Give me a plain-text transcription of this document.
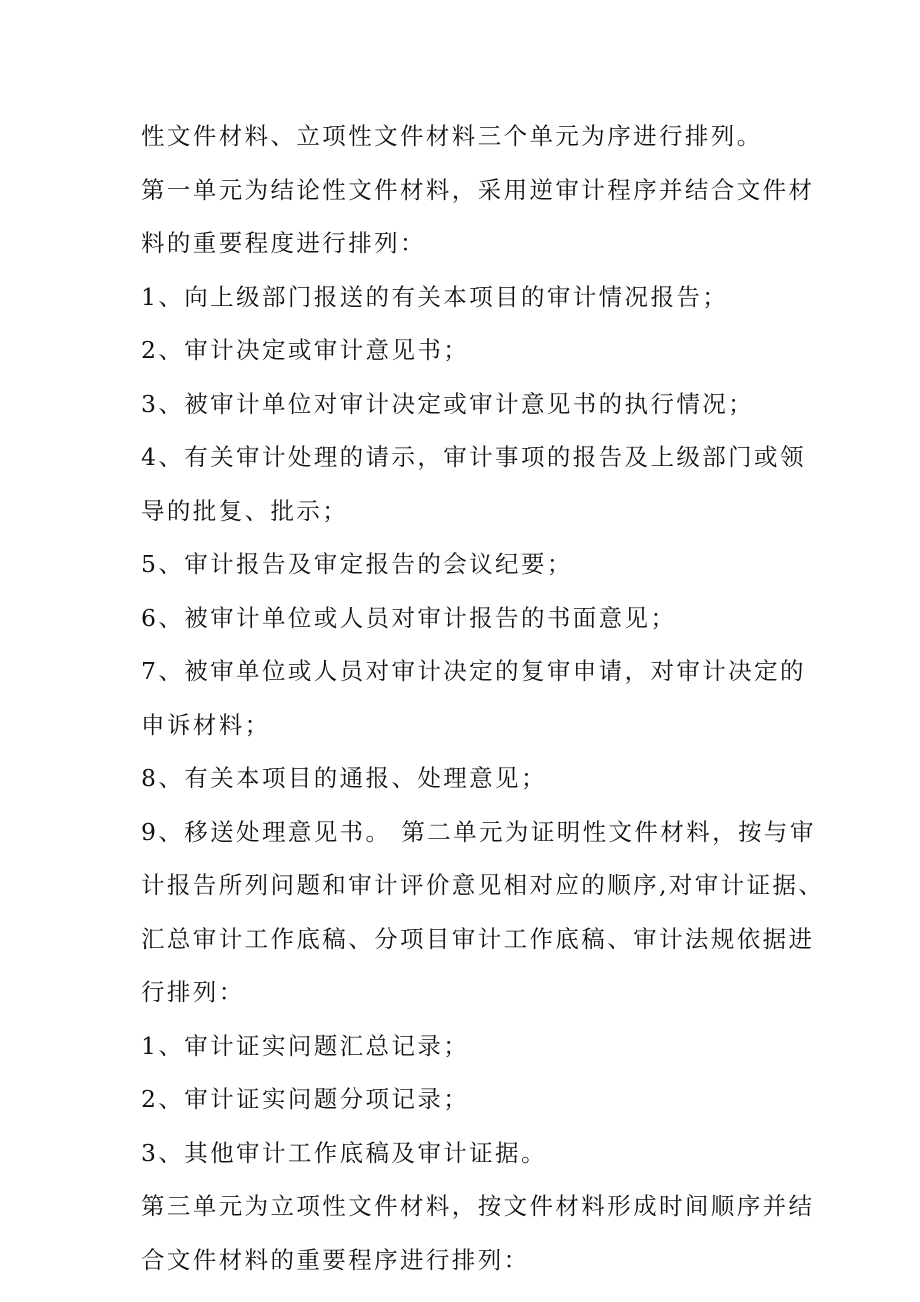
性文件材料、立项性文件材料三个单元为序进行排列。
第一单元为结论性文件材料，采用逆审计程序并结合文件材
料的重要程度进行排列：
1、向上级部门报送的有关本项目的审计情况报告；
2、审计决定或审计意见书；
3、被审计单位对审计决定或审计意见书的执行情况；
4、有关审计处理的请示，审计事项的报告及上级部门或领
导的批复、批示；
5、审计报告及审定报告的会议纪要；
6、被审计单位或人员对审计报告的书面意见；
7、被审单位或人员对审计决定的复审申请，对审计决定的
申诉材料；
8、有关本项目的通报、处理意见；
9、移送处理意见书。 第二单元为证明性文件材料，按与审
计报告所列问题和审计评价意见相对应的顺序,对审计证据、
汇总审计工作底稿、分项目审计工作底稿、审计法规依据进
行排列：
1、审计证实问题汇总记录；
2、审计证实问题分项记录；
3、其他审计工作底稿及审计证据。
第三单元为立项性文件材料，按文件材料形成时间顺序并结
合文件材料的重要程序进行排列：
